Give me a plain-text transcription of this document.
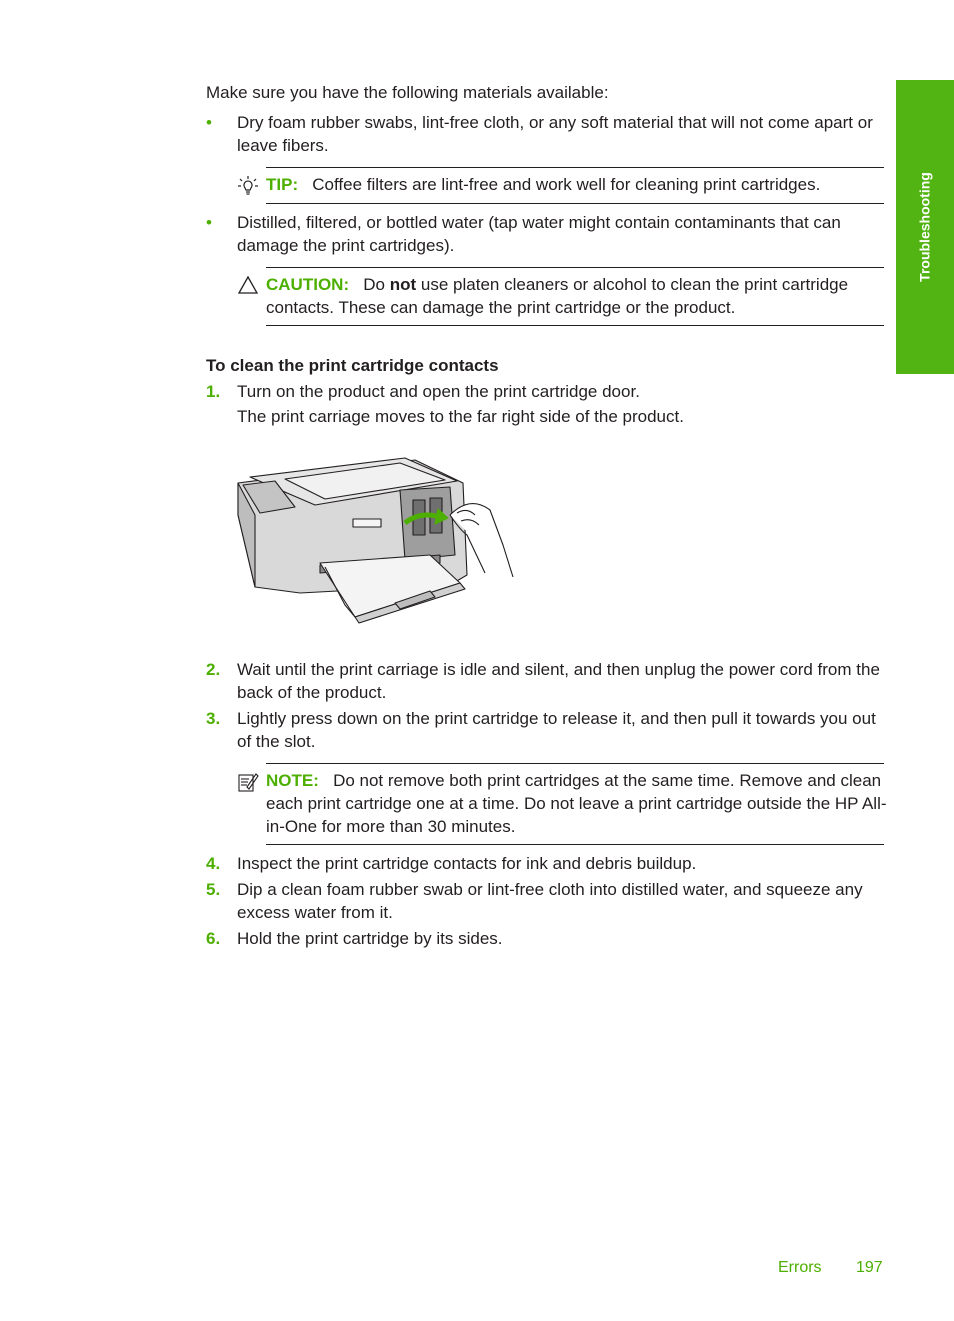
Troubleshooting
Make sure you have the following materials available:
• Dry foam rubber swabs, lint-free cloth, or any soft material that will not come apart or leave fibers.
TIP: Coffee filters are lint-free and work well for cleaning print cartridges.
• Distilled, filtered, or bottled water (tap water might contain contaminants that can damage the print cartridges).
CAUTION: Do not use platen cleaners or alcohol to clean the print cartridge contacts. These can damage the print cartridge or the product.
To clean the print cartridge contacts
1. Turn on the product and open the print cartridge door.
The print carriage moves to the far right side of the product.
2. Wait until the print carriage is idle and silent, and then unplug the power cord from the back of the product.
3. Lightly press down on the print cartridge to release it, and then pull it towards you out of the slot.
NOTE: Do not remove both print cartridges at the same time. Remove and clean each print cartridge one at a time. Do not leave a print cartridge outside the HP All-in-One for more than 30 minutes.
4. Inspect the print cartridge contacts for ink and debris buildup.
5. Dip a clean foam rubber swab or lint-free cloth into distilled water, and squeeze any excess water from it.
6. Hold the print cartridge by its sides.
Errors 197
